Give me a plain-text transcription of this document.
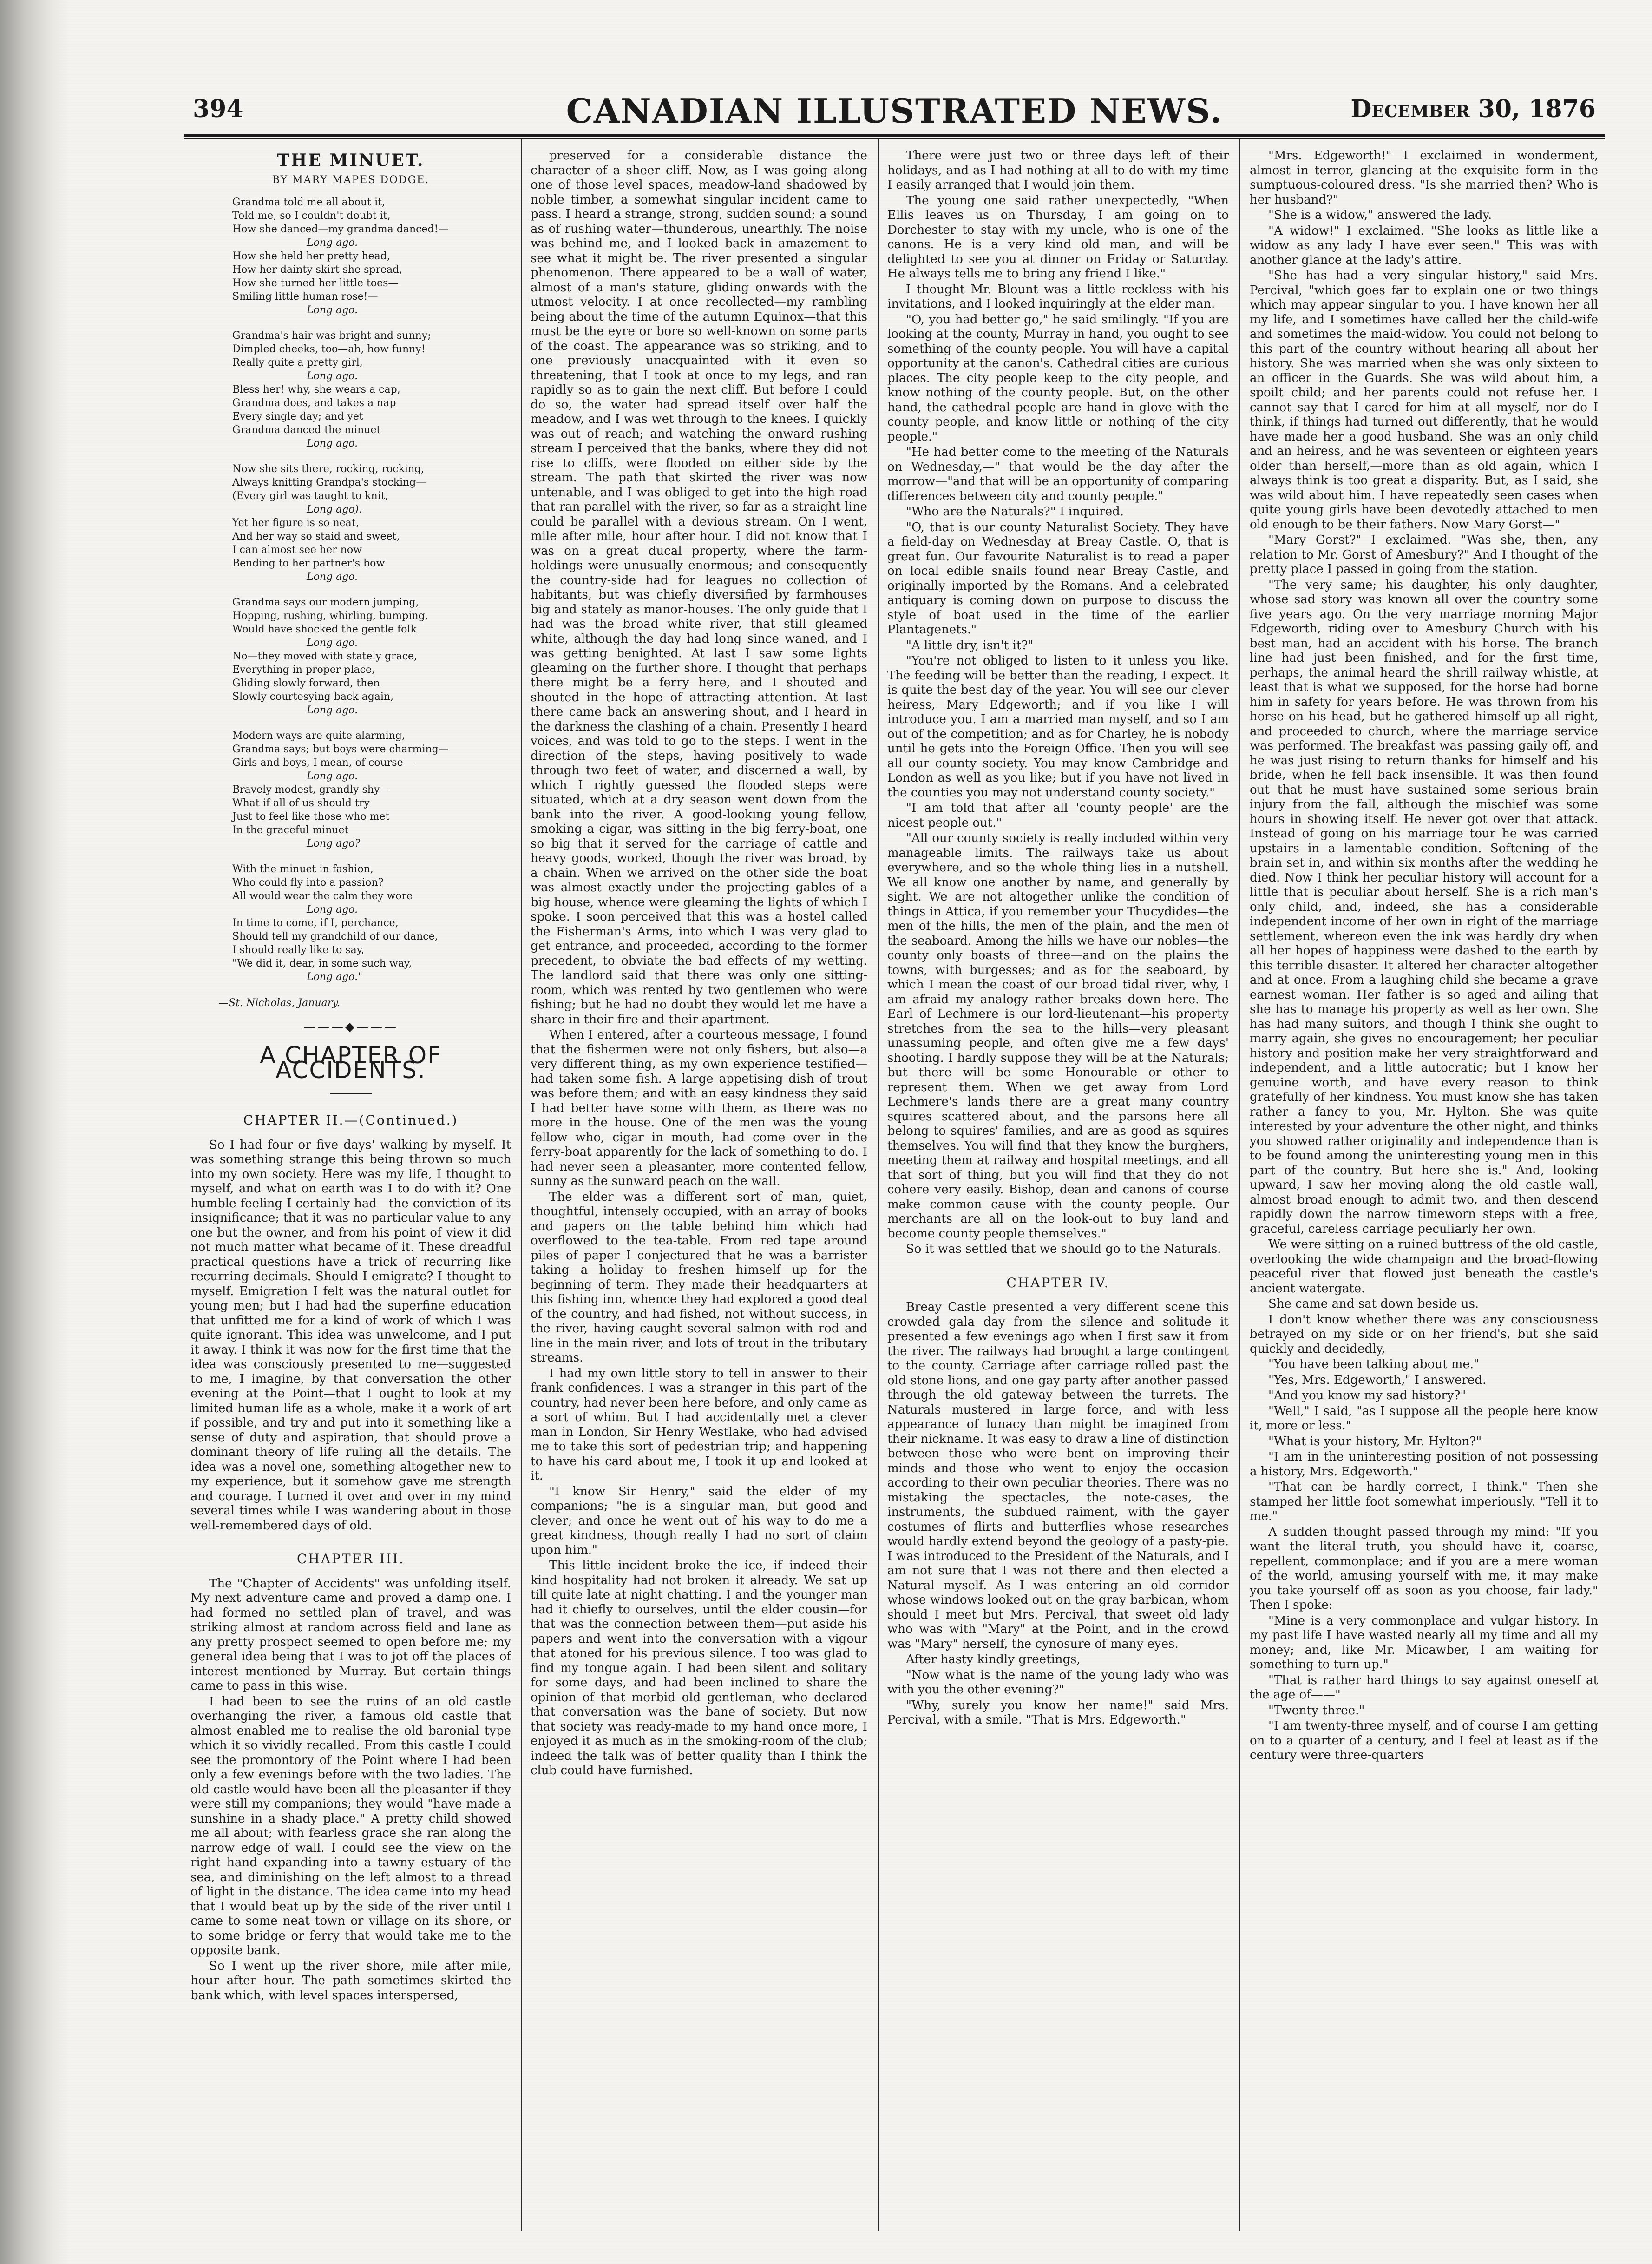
394	CANADIAN ILLUSTRATED NEWS.	December 30, 1876
THE MINUET.
BY MARY MAPES DODGE.
Grandma told me all about it,
Told me, so I couldn't doubt it,
How she danced—my grandma danced!—
Long ago.
How she held her pretty head,
How her dainty skirt she spread,
How she turned her little toes—
Smiling little human rose!—
Long ago.
Grandma's hair was bright and sunny;
Dimpled cheeks, too—ah, how funny!
Really quite a pretty girl,
Long ago.
Bless her! why, she wears a cap,
Grandma does, and takes a nap
Every single day; and yet
Grandma danced the minuet
Long ago.
Now she sits there, rocking, rocking,
Always knitting Grandpa's stocking—
(Every girl was taught to knit,
Long ago).
Yet her figure is so neat,
And her way so staid and sweet,
I can almost see her now
Bending to her partner's bow
Long ago.
Grandma says our modern jumping,
Hopping, rushing, whirling, bumping,
Would have shocked the gentle folk
Long ago.
No—they moved with stately grace,
Everything in proper place,
Gliding slowly forward, then
Slowly courtesying back again,
Long ago.
Modern ways are quite alarming,
Grandma says; but boys were charming—
Girls and boys, I mean, of course—
Long ago.
Bravely modest, grandly shy—
What if all of us should try
Just to feel like those who met
In the graceful minuet
Long ago?
With the minuet in fashion,
Who could fly into a passion?
All would wear the calm they wore
Long ago.
In time to come, if I, perchance,
Should tell my grandchild of our dance,
I should really like to say,
"We did it, dear, in some such way,
Long ago."
—St. Nicholas, January.
———◆———
A CHAPTER OF ACCIDENTS.
CHAPTER II.—(Continued.)

So I had four or five days' walking by myself. It was something strange this being thrown so much into my own society. Here was my life, I thought to myself, and what on earth was I to do with it? One humble feeling I certainly had—the conviction of its insignificance; that it was no particular value to any one but the owner, and from his point of view it did not much matter what became of it. These dreadful practical questions have a trick of recurring like recurring decimals. Should I emigrate? I thought to myself. Emigration I felt was the natural outlet for young men; but I had had the superfine education that unfitted me for a kind of work of which I was quite ignorant. This idea was unwelcome, and I put it away. I think it was now for the first time that the idea was consciously presented to me—suggested to me, I imagine, by that conversation the other evening at the Point—that I ought to look at my limited human life as a whole, make it a work of art if possible, and try and put into it something like a sense of duty and aspiration, that should prove a dominant theory of life ruling all the details. The idea was a novel one, something altogether new to my experience, but it somehow gave me strength and courage. I turned it over and over in my mind several times while I was wandering about in those well-remembered days of old.

CHAPTER III.

The "Chapter of Accidents" was unfolding itself. My next adventure came and proved a damp one. I had formed no settled plan of travel, and was striking almost at random across field and lane as any pretty prospect seemed to open before me; my general idea being that I was to jot off the places of interest mentioned by Murray. But certain things came to pass in this wise.

I had been to see the ruins of an old castle overhanging the river, a famous old castle that almost enabled me to realise the old baronial type which it so vividly recalled. From this castle I could see the promontory of the Point where I had been only a few evenings before with the two ladies. The old castle would have been all the pleasanter if they were still my companions; they would "have made a sunshine in a shady place." A pretty child showed me all about; with fearless grace she ran along the narrow edge of wall. I could see the view on the right hand expanding into a tawny estuary of the sea, and diminishing on the left almost to a thread of light in the distance. The idea came into my head that I would beat up by the side of the river until I came to some neat town or village on its shore, or to some bridge or ferry that would take me to the opposite bank.

So I went up the river shore, mile after mile, hour after hour. The path sometimes skirted the bank which, with level spaces interspersed,

preserved for a considerable distance the character of a sheer cliff. Now, as I was going along one of those level spaces, meadow-land shadowed by noble timber, a somewhat singular incident came to pass. I heard a strange, strong, sudden sound; a sound as of rushing water—thunderous, unearthly. The noise was behind me, and I looked back in amazement to see what it might be. The river presented a singular phenomenon. There appeared to be a wall of water, almost of a man's stature, gliding onwards with the utmost velocity. I at once recollected—my rambling being about the time of the autumn Equinox—that this must be the eyre or bore so well-known on some parts of the coast. The appearance was so striking, and to one previously unacquainted with it even so threatening, that I took at once to my legs, and ran rapidly so as to gain the next cliff. But before I could do so, the water had spread itself over half the meadow, and I was wet through to the knees. I quickly was out of reach; and watching the onward rushing stream I perceived that the banks, where they did not rise to cliffs, were flooded on either side by the stream. The path that skirted the river was now untenable, and I was obliged to get into the high road that ran parallel with the river, so far as a straight line could be parallel with a devious stream. On I went, mile after mile, hour after hour. I did not know that I was on a great ducal property, where the farm-holdings were unusually enormous; and consequently the country-side had for leagues no collection of habitants, but was chiefly diversified by farmhouses big and stately as manor-houses. The only guide that I had was the broad white river, that still gleamed white, although the day had long since waned, and I was getting benighted. At last I saw some lights gleaming on the further shore. I thought that perhaps there might be a ferry here, and I shouted and shouted in the hope of attracting attention. At last there came back an answering shout, and I heard in the darkness the clashing of a chain. Presently I heard voices, and was told to go to the steps. I went in the direction of the steps, having positively to wade through two feet of water, and discerned a wall, by which I rightly guessed the flooded steps were situated, which at a dry season went down from the bank into the river. A good-looking young fellow, smoking a cigar, was sitting in the big ferry-boat, one so big that it served for the carriage of cattle and heavy goods, worked, though the river was broad, by a chain. When we arrived on the other side the boat was almost exactly under the projecting gables of a big house, whence were gleaming the lights of which I spoke. I soon perceived that this was a hostel called the Fisherman's Arms, into which I was very glad to get entrance, and proceeded, according to the former precedent, to obviate the bad effects of my wetting. The landlord said that there was only one sitting-room, which was rented by two gentlemen who were fishing; but he had no doubt they would let me have a share in their fire and their apartment.

When I entered, after a courteous message, I found that the fishermen were not only fishers, but also—a very different thing, as my own experience testified—had taken some fish. A large appetising dish of trout was before them; and with an easy kindness they said I had better have some with them, as there was no more in the house. One of the men was the young fellow who, cigar in mouth, had come over in the ferry-boat apparently for the lack of something to do. I had never seen a pleasanter, more contented fellow, sunny as the sunward peach on the wall.

The elder was a different sort of man, quiet, thoughtful, intensely occupied, with an array of books and papers on the table behind him which had overflowed to the tea-table. From red tape around piles of paper I conjectured that he was a barrister taking a holiday to freshen himself up for the beginning of term. They made their headquarters at this fishing inn, whence they had explored a good deal of the country, and had fished, not without success, in the river, having caught several salmon with rod and line in the main river, and lots of trout in the tributary streams.

I had my own little story to tell in answer to their frank confidences. I was a stranger in this part of the country, had never been here before, and only came as a sort of whim. But I had accidentally met a clever man in London, Sir Henry Westlake, who had advised me to take this sort of pedestrian trip; and happening to have his card about me, I took it up and looked at it.

"I know Sir Henry," said the elder of my companions; "he is a singular man, but good and clever; and once he went out of his way to do me a great kindness, though really I had no sort of claim upon him."

This little incident broke the ice, if indeed their kind hospitality had not broken it already. We sat up till quite late at night chatting. I and the younger man had it chiefly to ourselves, until the elder cousin—for that was the connection between them—put aside his papers and went into the conversation with a vigour that atoned for his previous silence. I too was glad to find my tongue again. I had been silent and solitary for some days, and had been inclined to share the opinion of that morbid old gentleman, who declared that conversation was the bane of society. But now that society was ready-made to my hand once more, I enjoyed it as much as in the smoking-room of the club; indeed the talk was of better quality than I think the club could have furnished.

There were just two or three days left of their holidays, and as I had nothing at all to do with my time I easily arranged that I would join them.

The young one said rather unexpectedly, "When Ellis leaves us on Thursday, I am going on to Dorchester to stay with my uncle, who is one of the canons. He is a very kind old man, and will be delighted to see you at dinner on Friday or Saturday. He always tells me to bring any friend I like."

I thought Mr. Blount was a little reckless with his invitations, and I looked inquiringly at the elder man.

"O, you had better go," he said smilingly. "If you are looking at the county, Murray in hand, you ought to see something of the county people. You will have a capital opportunity at the canon's. Cathedral cities are curious places. The city people keep to the city people, and know nothing of the county people. But, on the other hand, the cathedral people are hand in glove with the county people, and know little or nothing of the city people."

"He had better come to the meeting of the Naturals on Wednesday,—" that would be the day after the morrow—"and that will be an opportunity of comparing differences between city and county people."

"Who are the Naturals?" I inquired.

"O, that is our county Naturalist Society. They have a field-day on Wednesday at Breay Castle. O, that is great fun. Our favourite Naturalist is to read a paper on local edible snails found near Breay Castle, and originally imported by the Romans. And a celebrated antiquary is coming down on purpose to discuss the style of boat used in the time of the earlier Plantagenets."

"A little dry, isn't it?"

"You're not obliged to listen to it unless you like. The feeding will be better than the reading, I expect. It is quite the best day of the year. You will see our clever heiress, Mary Edgeworth; and if you like I will introduce you. I am a married man myself, and so I am out of the competition; and as for Charley, he is nobody until he gets into the Foreign Office. Then you will see all our county society. You may know Cambridge and London as well as you like; but if you have not lived in the counties you may not understand county society."

"I am told that after all 'county people' are the nicest people out."

"All our county society is really included within very manageable limits. The railways take us about everywhere, and so the whole thing lies in a nutshell. We all know one another by name, and generally by sight. We are not altogether unlike the condition of things in Attica, if you remember your Thucydides—the men of the hills, the men of the plain, and the men of the seaboard. Among the hills we have our nobles—the county only boasts of three—and on the plains the towns, with burgesses; and as for the seaboard, by which I mean the coast of our broad tidal river, why, I am afraid my analogy rather breaks down here. The Earl of Lechmere is our lord-lieutenant—his property stretches from the sea to the hills—very pleasant unassuming people, and often give me a few days' shooting. I hardly suppose they will be at the Naturals; but there will be some Honourable or other to represent them. When we get away from Lord Lechmere's lands there are a great many country squires scattered about, and the parsons here all belong to squires' families, and are as good as squires themselves. You will find that they know the burghers, meeting them at railway and hospital meetings, and all that sort of thing, but you will find that they do not cohere very easily. Bishop, dean and canons of course make common cause with the county people. Our merchants are all on the look-out to buy land and become county people themselves."

So it was settled that we should go to the Naturals.

CHAPTER IV.

Breay Castle presented a very different scene this crowded gala day from the silence and solitude it presented a few evenings ago when I first saw it from the river. The railways had brought a large contingent to the county. Carriage after carriage rolled past the old stone lions, and one gay party after another passed through the old gateway between the turrets. The Naturals mustered in large force, and with less appearance of lunacy than might be imagined from their nickname. It was easy to draw a line of distinction between those who were bent on improving their minds and those who went to enjoy the occasion according to their own peculiar theories. There was no mistaking the spectacles, the note-cases, the instruments, the subdued raiment, with the gayer costumes of flirts and butterflies whose researches would hardly extend beyond the geology of a pasty-pie. I was introduced to the President of the Naturals, and I am not sure that I was not there and then elected a Natural myself. As I was entering an old corridor whose windows looked out on the gray barbican, whom should I meet but Mrs. Percival, that sweet old lady who was with "Mary" at the Point, and in the crowd was "Mary" herself, the cynosure of many eyes.

After hasty kindly greetings,

"Now what is the name of the young lady who was with you the other evening?"

"Why, surely you know her name!" said Mrs. Percival, with a smile. "That is Mrs. Edgeworth."

"Mrs. Edgeworth!" I exclaimed in wonderment, almost in terror, glancing at the exquisite form in the sumptuous-coloured dress. "Is she married then? Who is her husband?"

"She is a widow," answered the lady.

"A widow!" I exclaimed. "She looks as little like a widow as any lady I have ever seen." This was with another glance at the lady's attire.

"She has had a very singular history," said Mrs. Percival, "which goes far to explain one or two things which may appear singular to you. I have known her all my life, and I sometimes have called her the child-wife and sometimes the maid-widow. You could not belong to this part of the country without hearing all about her history. She was married when she was only sixteen to an officer in the Guards. She was wild about him, a spoilt child; and her parents could not refuse her. I cannot say that I cared for him at all myself, nor do I think, if things had turned out differently, that he would have made her a good husband. She was an only child and an heiress, and he was seventeen or eighteen years older than herself,—more than as old again, which I always think is too great a disparity. But, as I said, she was wild about him. I have repeatedly seen cases when quite young girls have been devotedly attached to men old enough to be their fathers. Now Mary Gorst—"

"Mary Gorst?" I exclaimed. "Was she, then, any relation to Mr. Gorst of Amesbury?" And I thought of the pretty place I passed in going from the station.

"The very same; his daughter, his only daughter, whose sad story was known all over the country some five years ago. On the very marriage morning Major Edgeworth, riding over to Amesbury Church with his best man, had an accident with his horse. The branch line had just been finished, and for the first time, perhaps, the animal heard the shrill railway whistle, at least that is what we supposed, for the horse had borne him in safety for years before. He was thrown from his horse on his head, but he gathered himself up all right, and proceeded to church, where the marriage service was performed. The breakfast was passing gaily off, and he was just rising to return thanks for himself and his bride, when he fell back insensible. It was then found out that he must have sustained some serious brain injury from the fall, although the mischief was some hours in showing itself. He never got over that attack. Instead of going on his marriage tour he was carried upstairs in a lamentable condition. Softening of the brain set in, and within six months after the wedding he died. Now I think her peculiar history will account for a little that is peculiar about herself. She is a rich man's only child, and, indeed, she has a considerable independent income of her own in right of the marriage settlement, whereon even the ink was hardly dry when all her hopes of happiness were dashed to the earth by this terrible disaster. It altered her character altogether and at once. From a laughing child she became a grave earnest woman. Her father is so aged and ailing that she has to manage his property as well as her own. She has had many suitors, and though I think she ought to marry again, she gives no encouragement; her peculiar history and position make her very straightforward and independent, and a little autocratic; but I know her genuine worth, and have every reason to think gratefully of her kindness. You must know she has taken rather a fancy to you, Mr. Hylton. She was quite interested by your adventure the other night, and thinks you showed rather originality and independence than is to be found among the uninteresting young men in this part of the country. But here she is." And, looking upward, I saw her moving along the old castle wall, almost broad enough to admit two, and then descend rapidly down the narrow timeworn steps with a free, graceful, careless carriage peculiarly her own.

We were sitting on a ruined buttress of the old castle, overlooking the wide champaign and the broad-flowing peaceful river that flowed just beneath the castle's ancient watergate.

She came and sat down beside us.

I don't know whether there was any consciousness betrayed on my side or on her friend's, but she said quickly and decidedly,

"You have been talking about me."

"Yes, Mrs. Edgeworth," I answered.

"And you know my sad history?"

"Well," I said, "as I suppose all the people here know it, more or less."

"What is your history, Mr. Hylton?"

"I am in the uninteresting position of not possessing a history, Mrs. Edgeworth."

"That can be hardly correct, I think." Then she stamped her little foot somewhat imperiously. "Tell it to me."

A sudden thought passed through my mind: "If you want the literal truth, you should have it, coarse, repellent, commonplace; and if you are a mere woman of the world, amusing yourself with me, it may make you take yourself off as soon as you choose, fair lady." Then I spoke:

"Mine is a very commonplace and vulgar history. In my past life I have wasted nearly all my time and all my money; and, like Mr. Micawber, I am waiting for something to turn up."

"That is rather hard things to say against oneself at the age of——"

"Twenty-three."

"I am twenty-three myself, and of course I am getting on to a quarter of a century, and I feel at least as if the century were three-quarters
